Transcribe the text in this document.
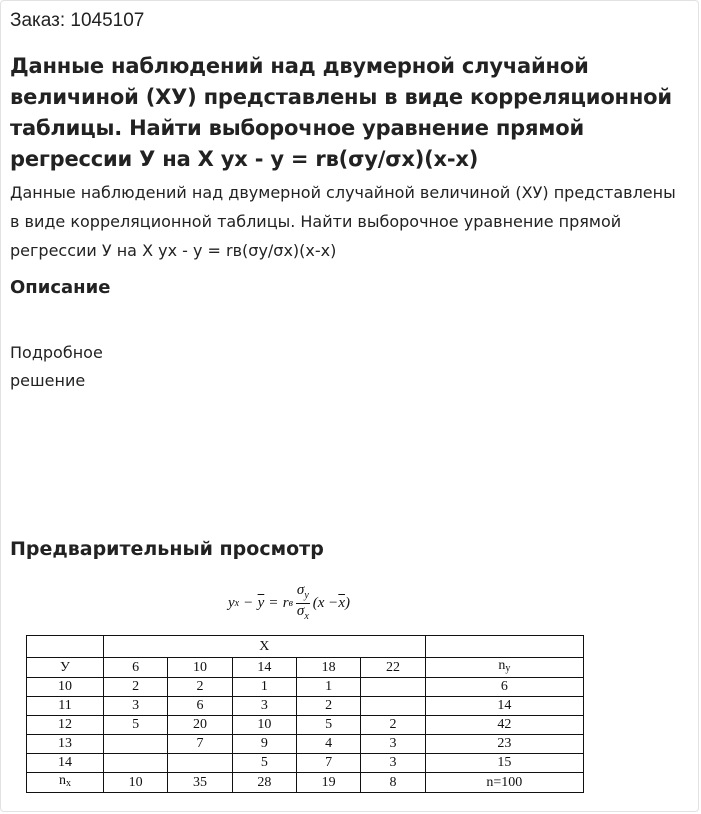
Заказ: 1045107
Данные наблюдений над двумерной случайной величиной (ХУ) представлены в виде корреляционной таблицы. Найти выборочное уравнение прямой регрессии У на Х ух - у = rв(σу/σх)(х-х)

Данные наблюдений над двумерной случайной величиной (ХУ) представлены в виде корреляционной таблицы. Найти выборочное уравнение прямой регрессии У на Х ух - у = rв(σу/σх)(х-х)

Описание
Подробное решение
Предварительный просмотр
y $x - \overline{y} = r$ в $\frac{\sigma_y}{\sigma_x} (x - \overline{x}$ )
	X					
У	6	10	14	18	22	$n_y$
10	2	2	1	1		6
11	3	6	3	2		14
12	5	20	10	5	2	42
13		7	9	4	3	23
14			5	7	3	15
$n_x$	10	35	28	19	8	n=100
